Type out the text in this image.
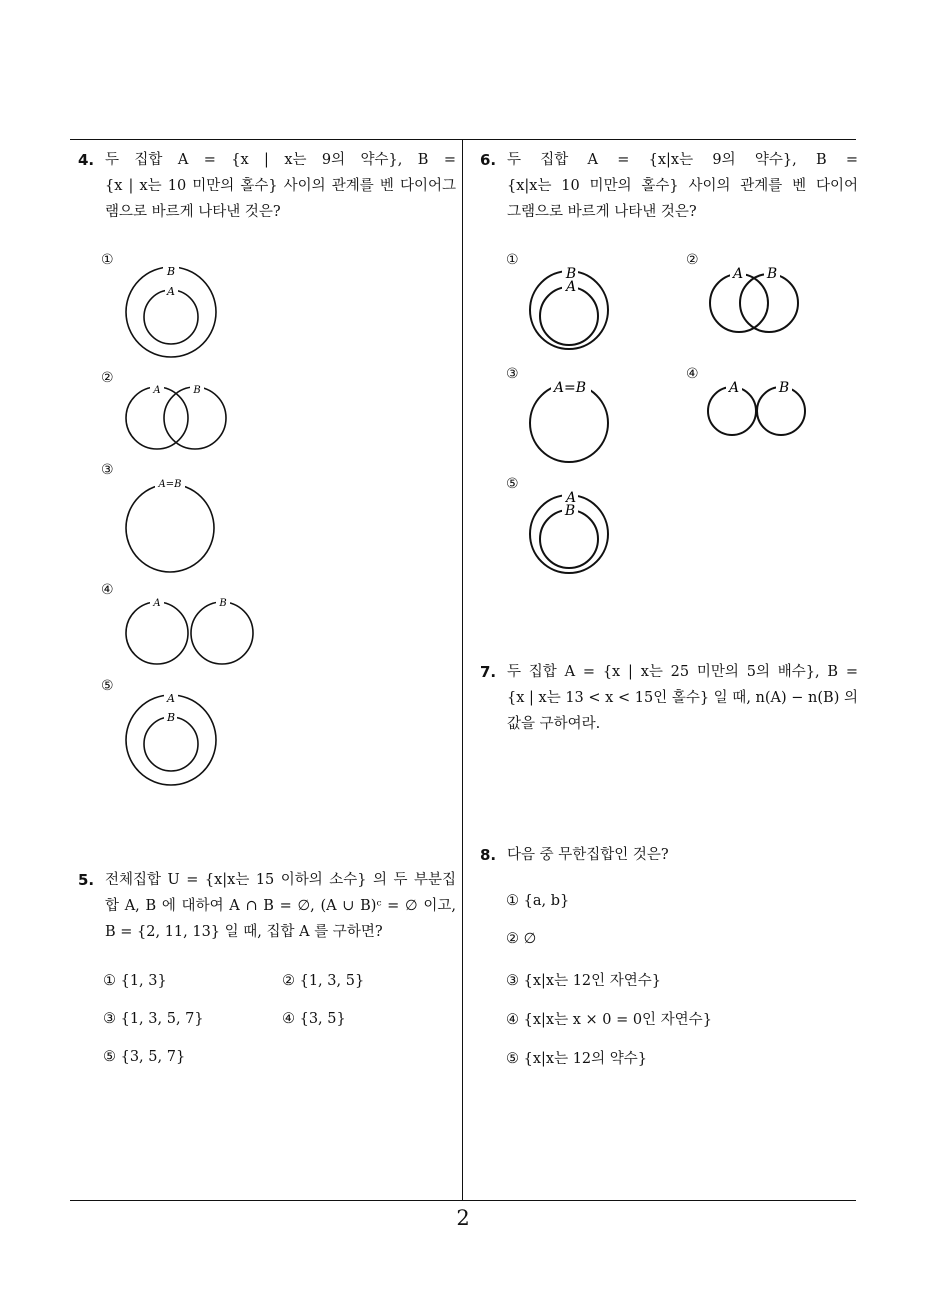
2
4. 두 집합 A = {x | x는 9의 약수}, B =
{x | x는 10 미만의 홀수} 사이의 관계를 벤 다이어그
램으로 바르게 나타낸 것은?
①
B
A
②
A	B
③
A=B
④
A	B
⑤
A
B
5. 전체집합 U = {x|x는 15 이하의 소수} 의 두 부분집
합 A, B 에 대하여 A ∩ B = ∅, (A ∪ B)ᶜ = ∅ 이고,
B = {2, 11, 13} 일 때, 집합 A 를 구하면?
① {1, 3}	② {1, 3, 5}
③ {1, 3, 5, 7}	④ {3, 5}
⑤ {3, 5, 7}
6. 두 집합 A = {x|x는 9의 약수}, B =
{x|x는 10 미만의 홀수} 사이의 관계를 벤 다이어
그램으로 바르게 나타낸 것은?
①
B
A
②
A B
③
A=B
④
A	B
⑤
A
B
7. 두 집합 A = {x | x는 25 미만의 5의 배수}, B =
{x | x는 13 < x < 15인 홀수} 일 때, n(A) − n(B) 의
값을 구하여라.
8. 다음 중 무한집합인 것은?
① {a, b}
② ∅
③ {x|x는 12인 자연수}
④ {x|x는 x × 0 = 0인 자연수}
⑤ {x|x는 12의 약수}
